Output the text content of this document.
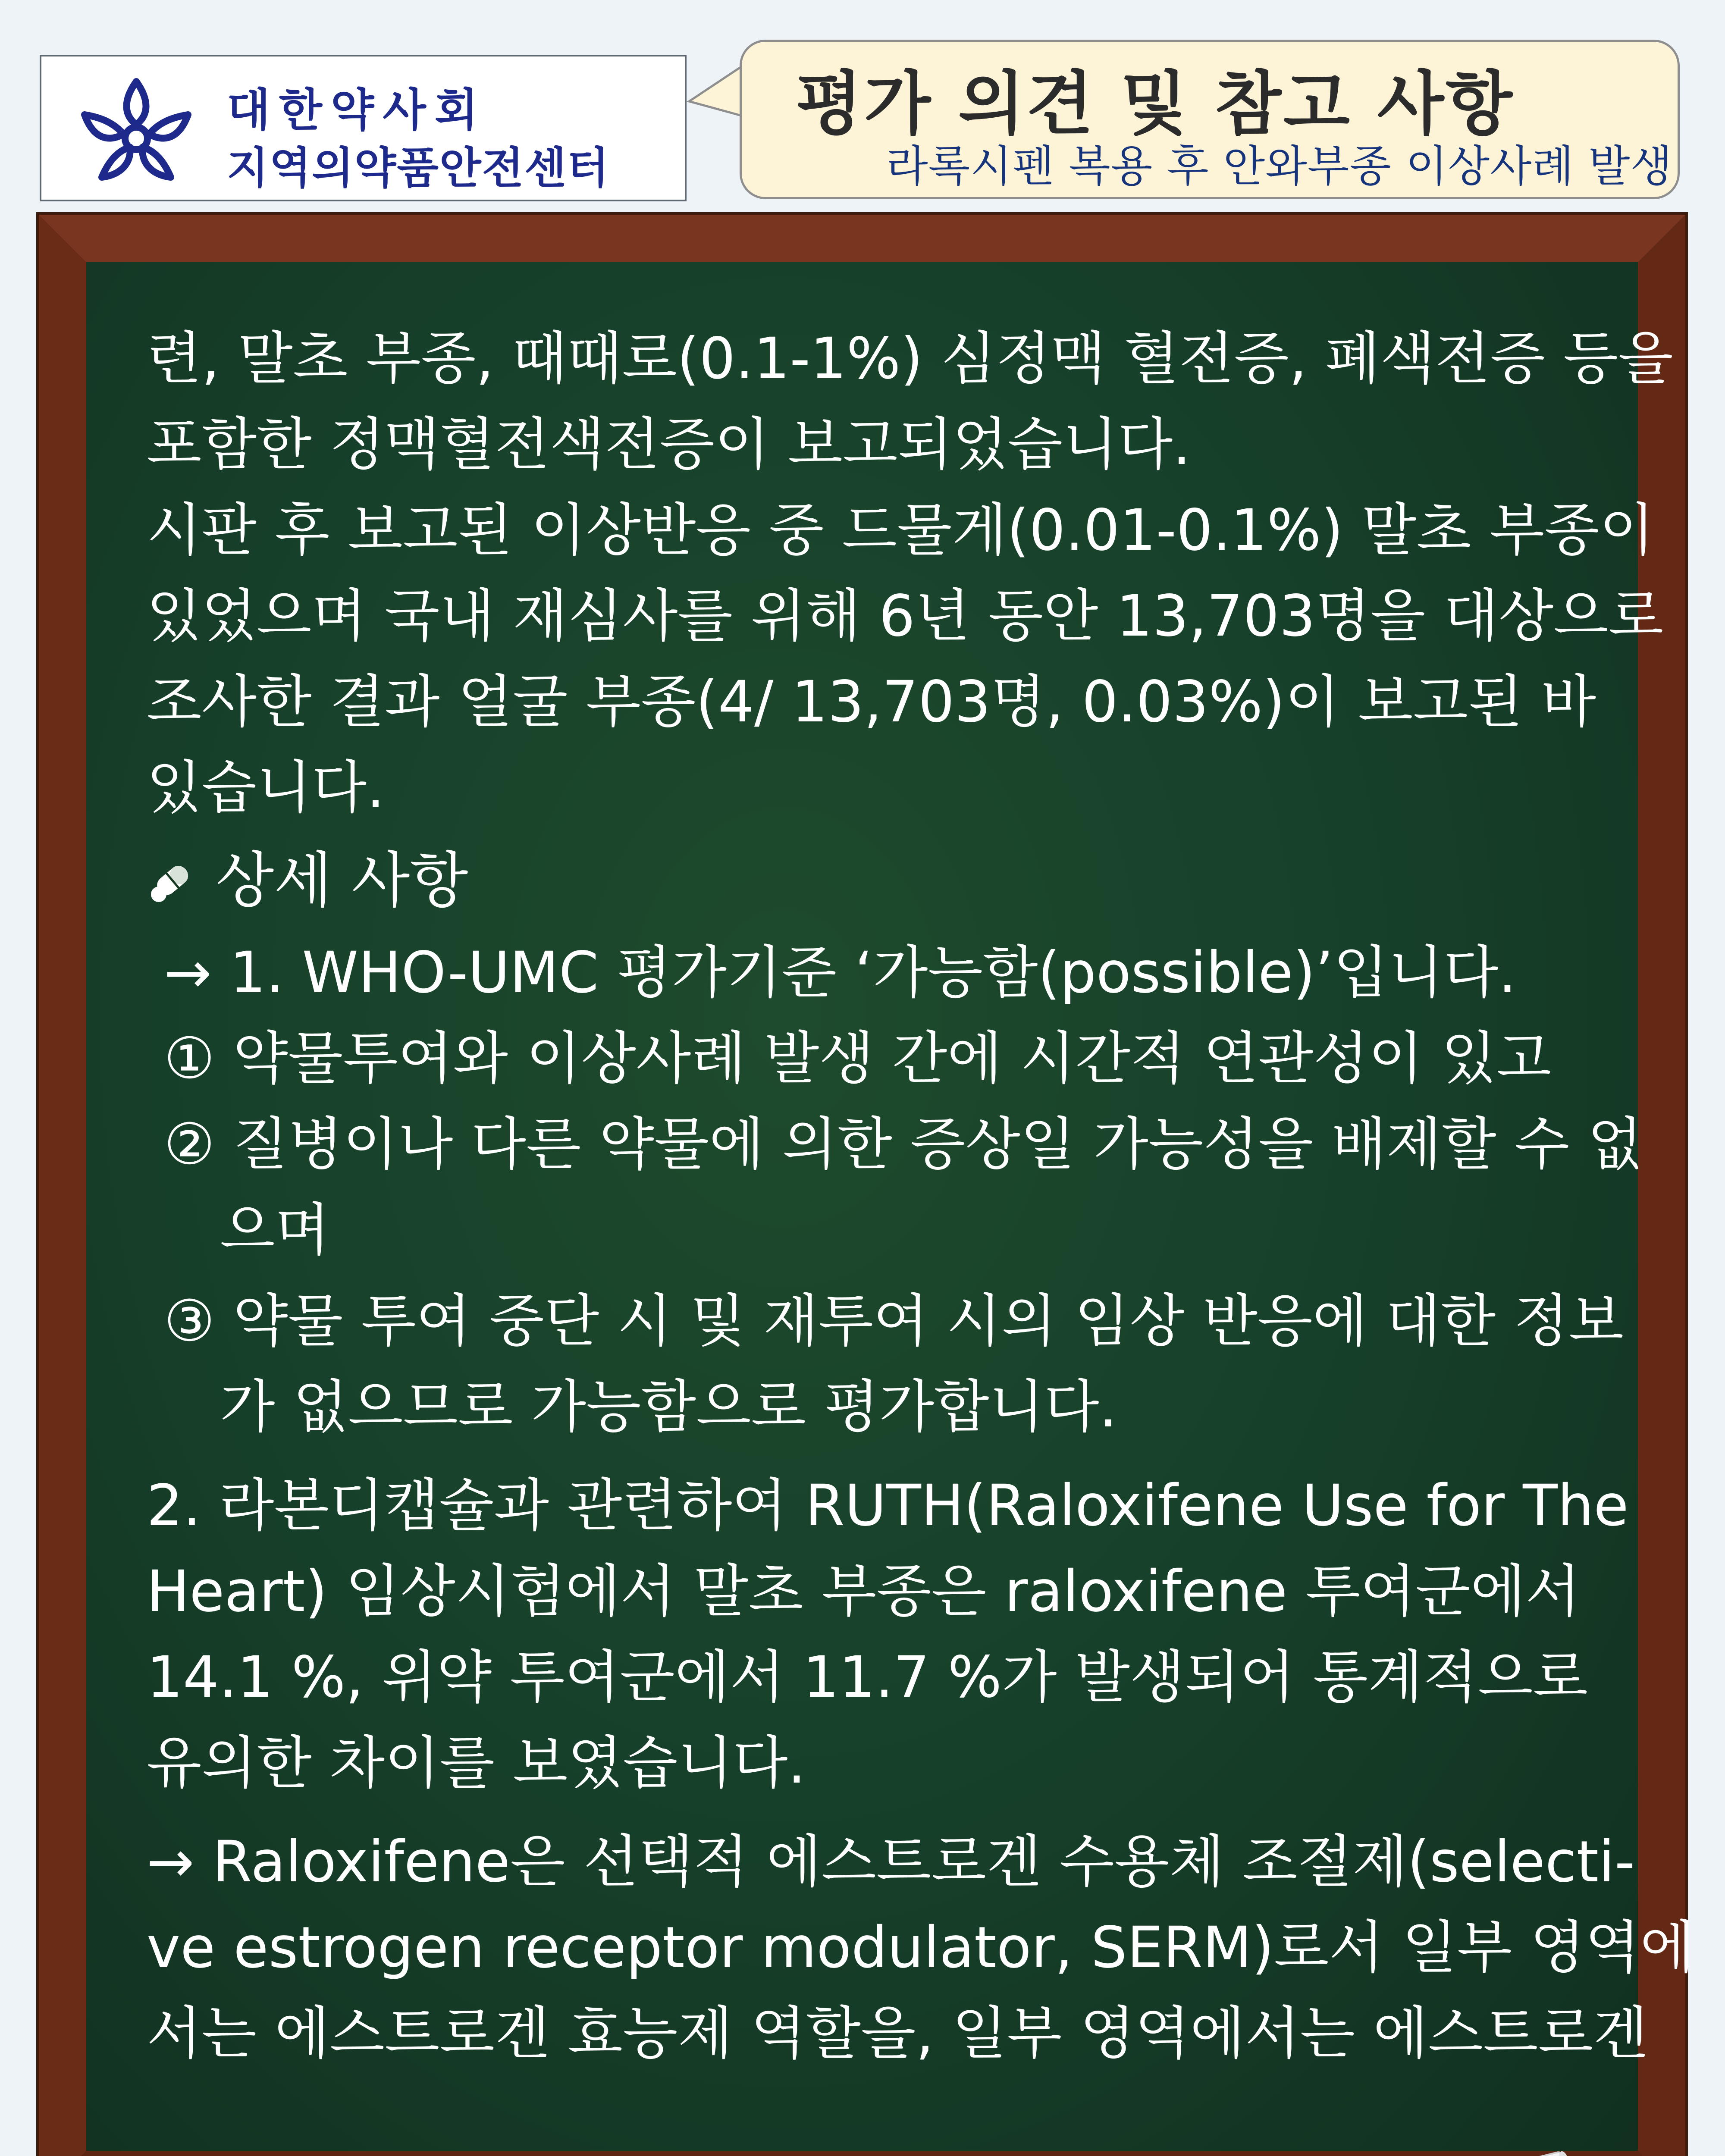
대한약사회
지역의약품안전센터
평가 의견 및 참고 사항
라록시펜 복용 후 안와부종 이상사례 발생
련, 말초 부종, 때때로(0.1-1%) 심정맥 혈전증, 폐색전증 등을
포함한 정맥혈전색전증이 보고되었습니다.
시판 후 보고된 이상반응 중 드물게(0.01-0.1%) 말초 부종이
있었으며 국내 재심사를 위해 6년 동안 13,703명을 대상으로
조사한 결과 얼굴 부종(4/ 13,703명, 0.03%)이 보고된 바
있습니다.
상세 사항
→ 1. WHO-UMC 평가기준 ‘가능함(possible)’입니다.
① 약물투여와 이상사례 발생 간에 시간적 연관성이 있고
② 질병이나 다른 약물에 의한 증상일 가능성을 배제할 수 없
으며
③ 약물 투여 중단 시 및 재투여 시의 임상 반응에 대한 정보
가 없으므로 가능함으로 평가합니다.
2. 라본디캡슐과 관련하여 RUTH(Raloxifene Use for The
Heart) 임상시험에서 말초 부종은 raloxifene 투여군에서
14.1 %, 위약 투여군에서 11.7 %가 발생되어 통계적으로
유의한 차이를 보였습니다.
→ Raloxifene은 선택적 에스트로겐 수용체 조절제(selecti-
ve estrogen receptor modulator, SERM)로서 일부 영역에
서는 에스트로겐 효능제 역할을, 일부 영역에서는 에스트로겐
